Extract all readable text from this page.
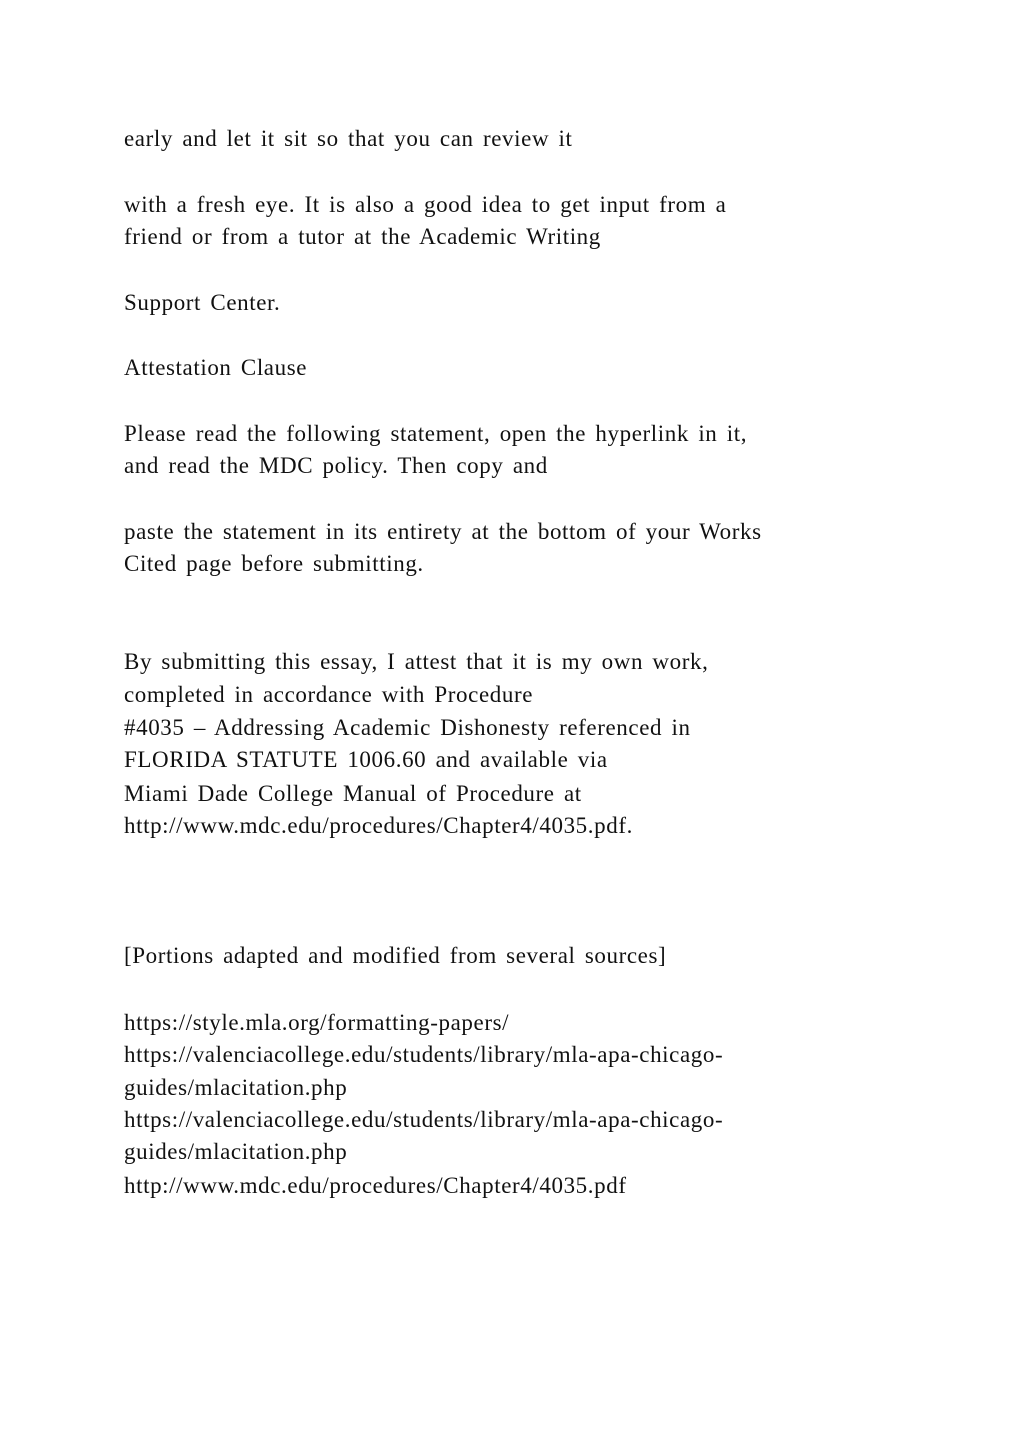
early and let it sit so that you can review it
with a fresh eye. It is also a good idea to get input from a
friend or from a tutor at the Academic Writing
Support Center.
Attestation Clause
Please read the following statement, open the hyperlink in it,
and read the MDC policy. Then copy and
paste the statement in its entirety at the bottom of your Works
Cited page before submitting.
By submitting this essay, I attest that it is my own work,
completed in accordance with Procedure
#4035 – Addressing Academic Dishonesty referenced in
FLORIDA STATUTE 1006.60 and available via
Miami Dade College Manual of Procedure at
http://www.mdc.edu/procedures/Chapter4/4035.pdf.
[Portions adapted and modified from several sources]
https://style.mla.org/formatting-papers/
https://valenciacollege.edu/students/library/mla-apa-chicago-
guides/mlacitation.php
https://valenciacollege.edu/students/library/mla-apa-chicago-
guides/mlacitation.php
http://www.mdc.edu/procedures/Chapter4/4035.pdf
